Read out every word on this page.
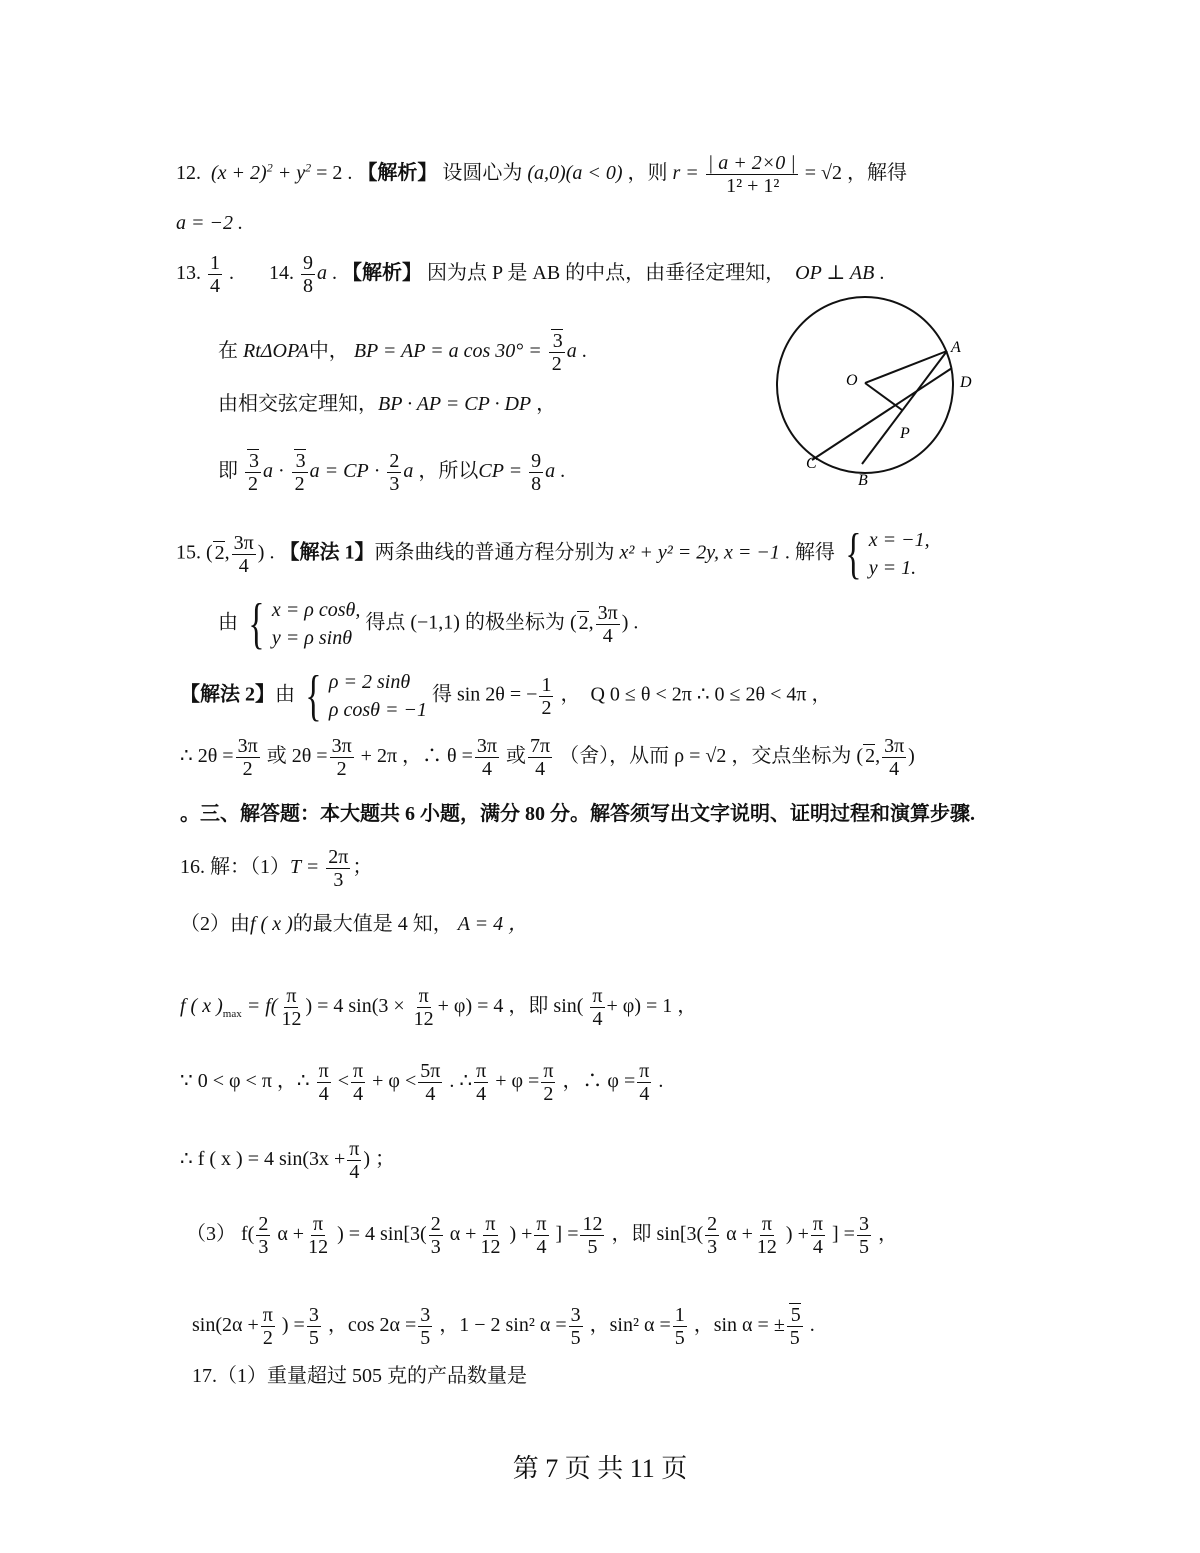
12. $(x + 2)^2 + y^2 = 2$ . 【解析】 设圆心为 (a,0)(a < 0) ，则 $r = \frac{| a + 2\times 0 |}{\text{1² + 1²}} = √2$ ，解得
a = −2 .
13. $\frac{1}{4}$ .       14. $\frac{9}{8}$ a . 【解析】 因为点 P 是 AB 的中点，由垂径定理知， OP ⊥ AB .
在 RtΔOPA中， BP = AP = a $\cos 30^\circ = \frac{3}{2}$ a .
由相交弦定理知，BP · AP = CP · DP ，
即 $\frac{3}{2}$ $a \cdot \frac{3}{2}$ a = CP · $\frac{2}{3}$ a ，所以CP = $\frac{9}{8}$ a .
A
O	D
P
C
B
15. ( 2, $\frac{3\pi}{4}$ ) . 【解法 1】两条曲线的普通方程分别为 x² + y² = 2y, x = −1 . 解得 { x = −1,
y = 1.
由 { x = ρ cosθ,
y = ρ sinθ
得点 (−1,1) 的极坐标为 ( 2, $\frac{3\pi}{4}$ ) .
【解法 2】由 { ρ = 2 sinθ
ρ cosθ = −1
得 sin 2θ = − $\frac{1}{2}$ ，  Q 0 ≤ θ < 2π ∴ 0 ≤ 2θ < 4π ，
∴ $2\theta = \frac{3\pi}{2}$ 或 $2\theta = \frac{3\pi}{2} + 2\pi$ ，∴ $\theta = \frac{3\pi}{4}$ 或 $\frac{7\pi}{4}$ （舍），从而 ρ = √2 ，交点坐标为 ( 2, $\frac{3\pi}{4}$ )
。三、解答题：本大题共 6 小题，满分 80 分。解答须写出文字说明、证明过程和演算步骤.
16. 解：$(1)T = \frac{2\pi}{3}$ ；
（2）由f ( x )的最大值是 4 知， A = 4 ，
f ( x )$_{max} = f( \frac{\pi}{12}$ ) = 4 $\sin(3 \times \frac{\pi}{12} + \varphi) = 4$ ，即 $\sin( \frac{\pi}{4} + \varphi) = 1$ ，
∵ 0 < φ < π ，∴ $\frac{\pi}{4} < \frac{\pi}{4} + \varphi < \frac{5\pi}{4}$ . ∴ $\frac{\pi}{4} + \varphi = \frac{\pi}{2}$ ，∴ $\varphi = \frac{\pi}{4}$ .
∴ f ( x ) = 4 $\sin(3x + \frac{\pi}{4}$ ) ；
（3） $f( \frac{2}{3}$ $\alpha + \frac{\pi}{12}$ ) = 4 $\sin[3( \frac{2}{3}$ $\alpha + \frac{\pi}{12}$ ) + $\frac{\pi}{4}$ ] = $\frac{12}{5}$ ，即 $\sin[3( \frac{2}{3}$ $\alpha + \frac{\pi}{12}$ ) + $\frac{\pi}{4}$ ] = $\frac{3}{5}$ ，
$\sin(2\alpha + \frac{\pi}{2}$ ) = $\frac{3}{5}$ ，$\cos 2\alpha = \frac{3}{5}$ ，1 − 2 sin² $\alpha = \frac{3}{5}$ ，sin² $\alpha = \frac{1}{5}$ ，sin α = ± $\frac{5}{5}$ .
17.（1）重量超过 505 克的产品数量是
第 7 页 共 11 页
